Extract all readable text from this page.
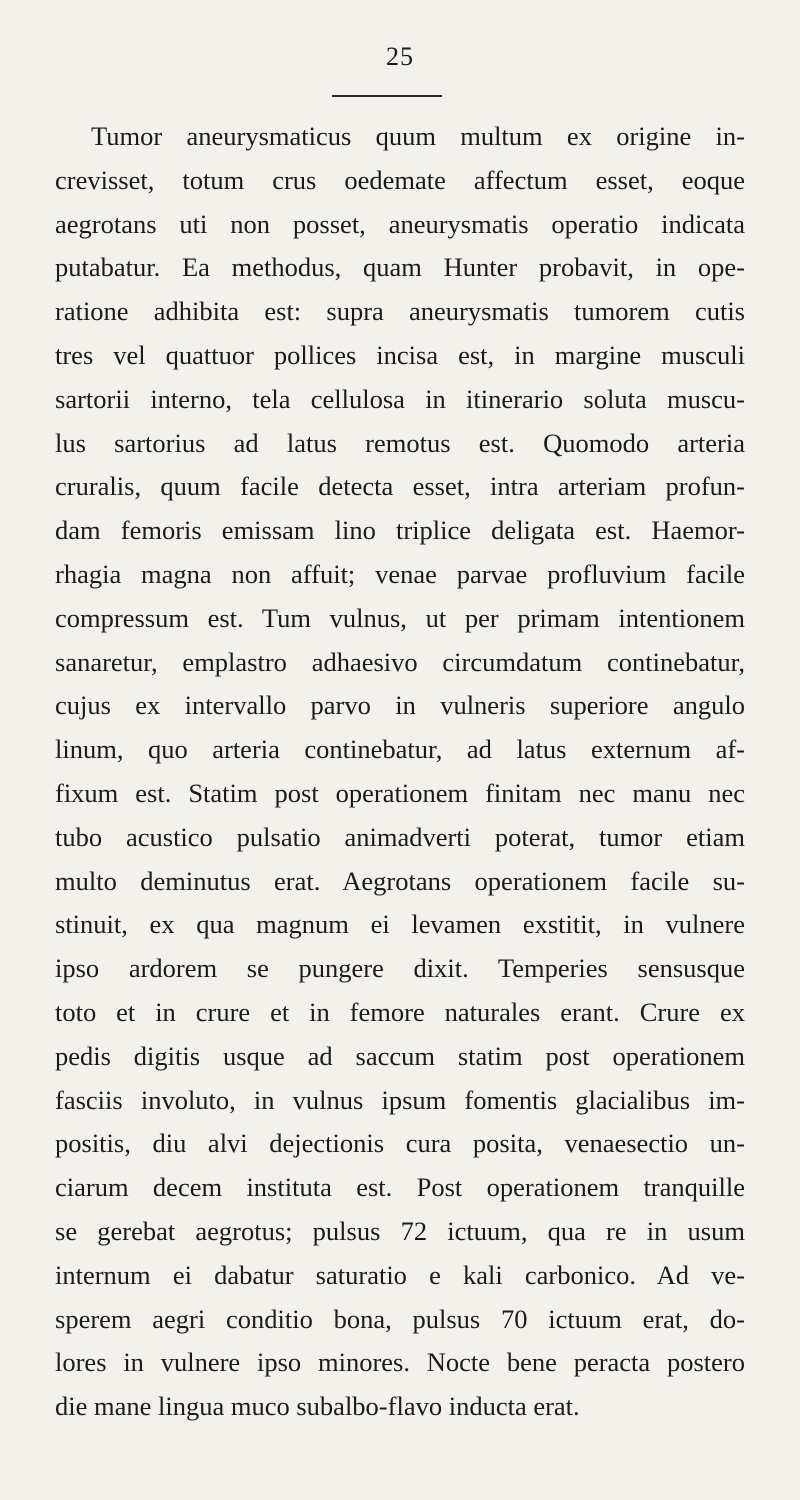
25
Tumor aneurysmaticus quum multum ex origine in-
crevisset, totum crus oedemate affectum esset, eoque
aegrotans uti non posset, aneurysmatis operatio indicata
putabatur. Ea methodus, quam Hunter probavit, in ope-
ratione adhibita est: supra aneurysmatis tumorem cutis
tres vel quattuor pollices incisa est, in margine musculi
sartorii interno, tela cellulosa in itinerario soluta muscu-
lus sartorius ad latus remotus est. Quomodo arteria
cruralis, quum facile detecta esset, intra arteriam profun-
dam femoris emissam lino triplice deligata est. Haemor-
rhagia magna non affuit; venae parvae profluvium facile
compressum est. Tum vulnus, ut per primam intentionem
sanaretur, emplastro adhaesivo circumdatum continebatur,
cujus ex intervallo parvo in vulneris superiore angulo
linum, quo arteria continebatur, ad latus externum af-
fixum est. Statim post operationem finitam nec manu nec
tubo acustico pulsatio animadverti poterat, tumor etiam
multo deminutus erat. Aegrotans operationem facile su-
stinuit, ex qua magnum ei levamen exstitit, in vulnere
ipso ardorem se pungere dixit. Temperies sensusque
toto et in crure et in femore naturales erant. Crure ex
pedis digitis usque ad saccum statim post operationem
fasciis involuto, in vulnus ipsum fomentis glacialibus im-
positis, diu alvi dejectionis cura posita, venaesectio un-
ciarum decem instituta est. Post operationem tranquille
se gerebat aegrotus; pulsus 72 ictuum, qua re in usum
internum ei dabatur saturatio e kali carbonico. Ad ve-
sperem aegri conditio bona, pulsus 70 ictuum erat, do-
lores in vulnere ipso minores. Nocte bene peracta postero
die mane lingua muco subalbo-flavo inducta erat.
